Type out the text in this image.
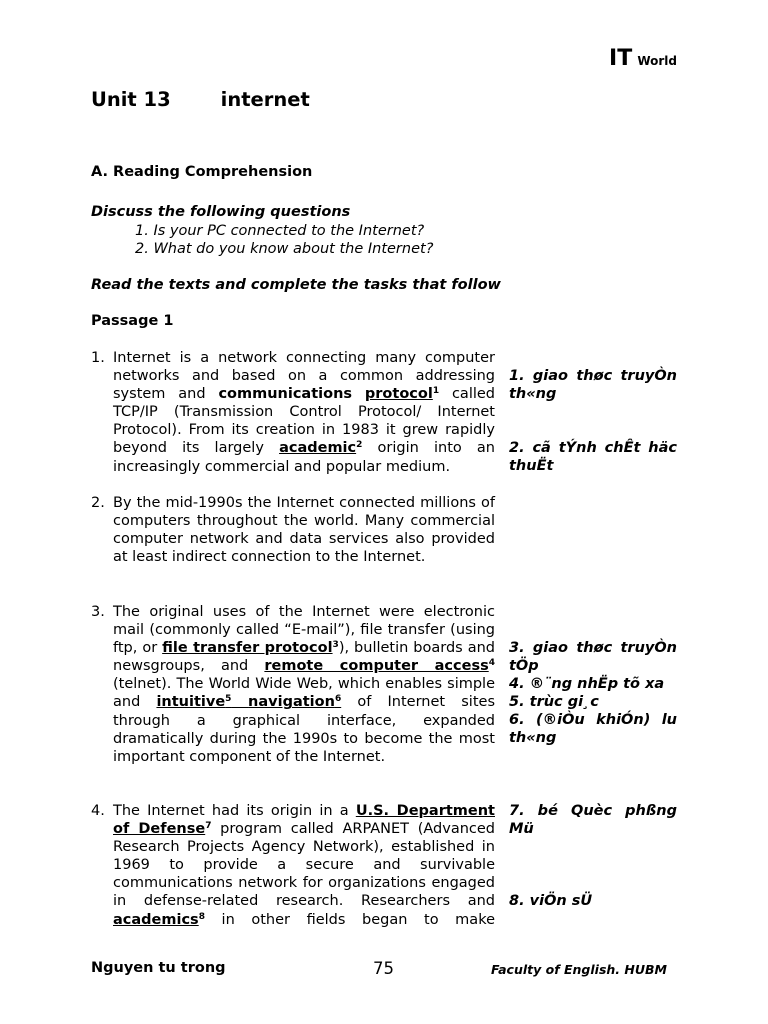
IT World
Unit 13	internet
A. Reading Comprehension
Discuss the following questions
1. Is your PC connected to the Internet?
2. What do you know about the Internet?
Read the texts and complete the tasks that follow
Passage 1
1. Internet is a network connecting many computer networks and based on a common addressing system and communications protocol$^1$ called TCP/IP (Transmission Control Protocol/ Internet Protocol). From its creation in 1983 it grew rapidly beyond its largely academic$^2$ origin into an increasingly commercial and popular medium.
2. By the mid-1990s the Internet connected millions of computers throughout the world. Many commercial computer network and data services also provided at least indirect connection to the Internet.
3. The original uses of the Internet were electronic mail (commonly called “E-mail”), file transfer (using ftp, or file transfer protocol$^3$), bulletin boards and newsgroups, and remote computer access$^4$ (telnet). The World Wide Web, which enables simple and intuitive$^5$ navigation$^6$ of Internet sites through a graphical interface, expanded dramatically during the 1990s to become the most important component of the Internet.
4. The Internet had its origin in a U.S. Department of Defense$^7$ program called ARPANET (Advanced Research Projects Agency Network), established in 1969 to provide a secure and survivable communications network for organizations engaged in defense-related research. Researchers and academics$^8$ in other fields began to make
1. giao thøc truyÒn th«ng
2. cã tÝnh chÊt häc thuËt
3. giao thøc truyÒn tÖp
4. ®¨ng nhËp tõ xa
5. trùc gi¸c
6. (®iÒu khiÓn) lu th«ng
7. bé Quèc phßng Mü
8. viÖn sÜ
Nguyen tu trong	75	Faculty of English. HUBM
